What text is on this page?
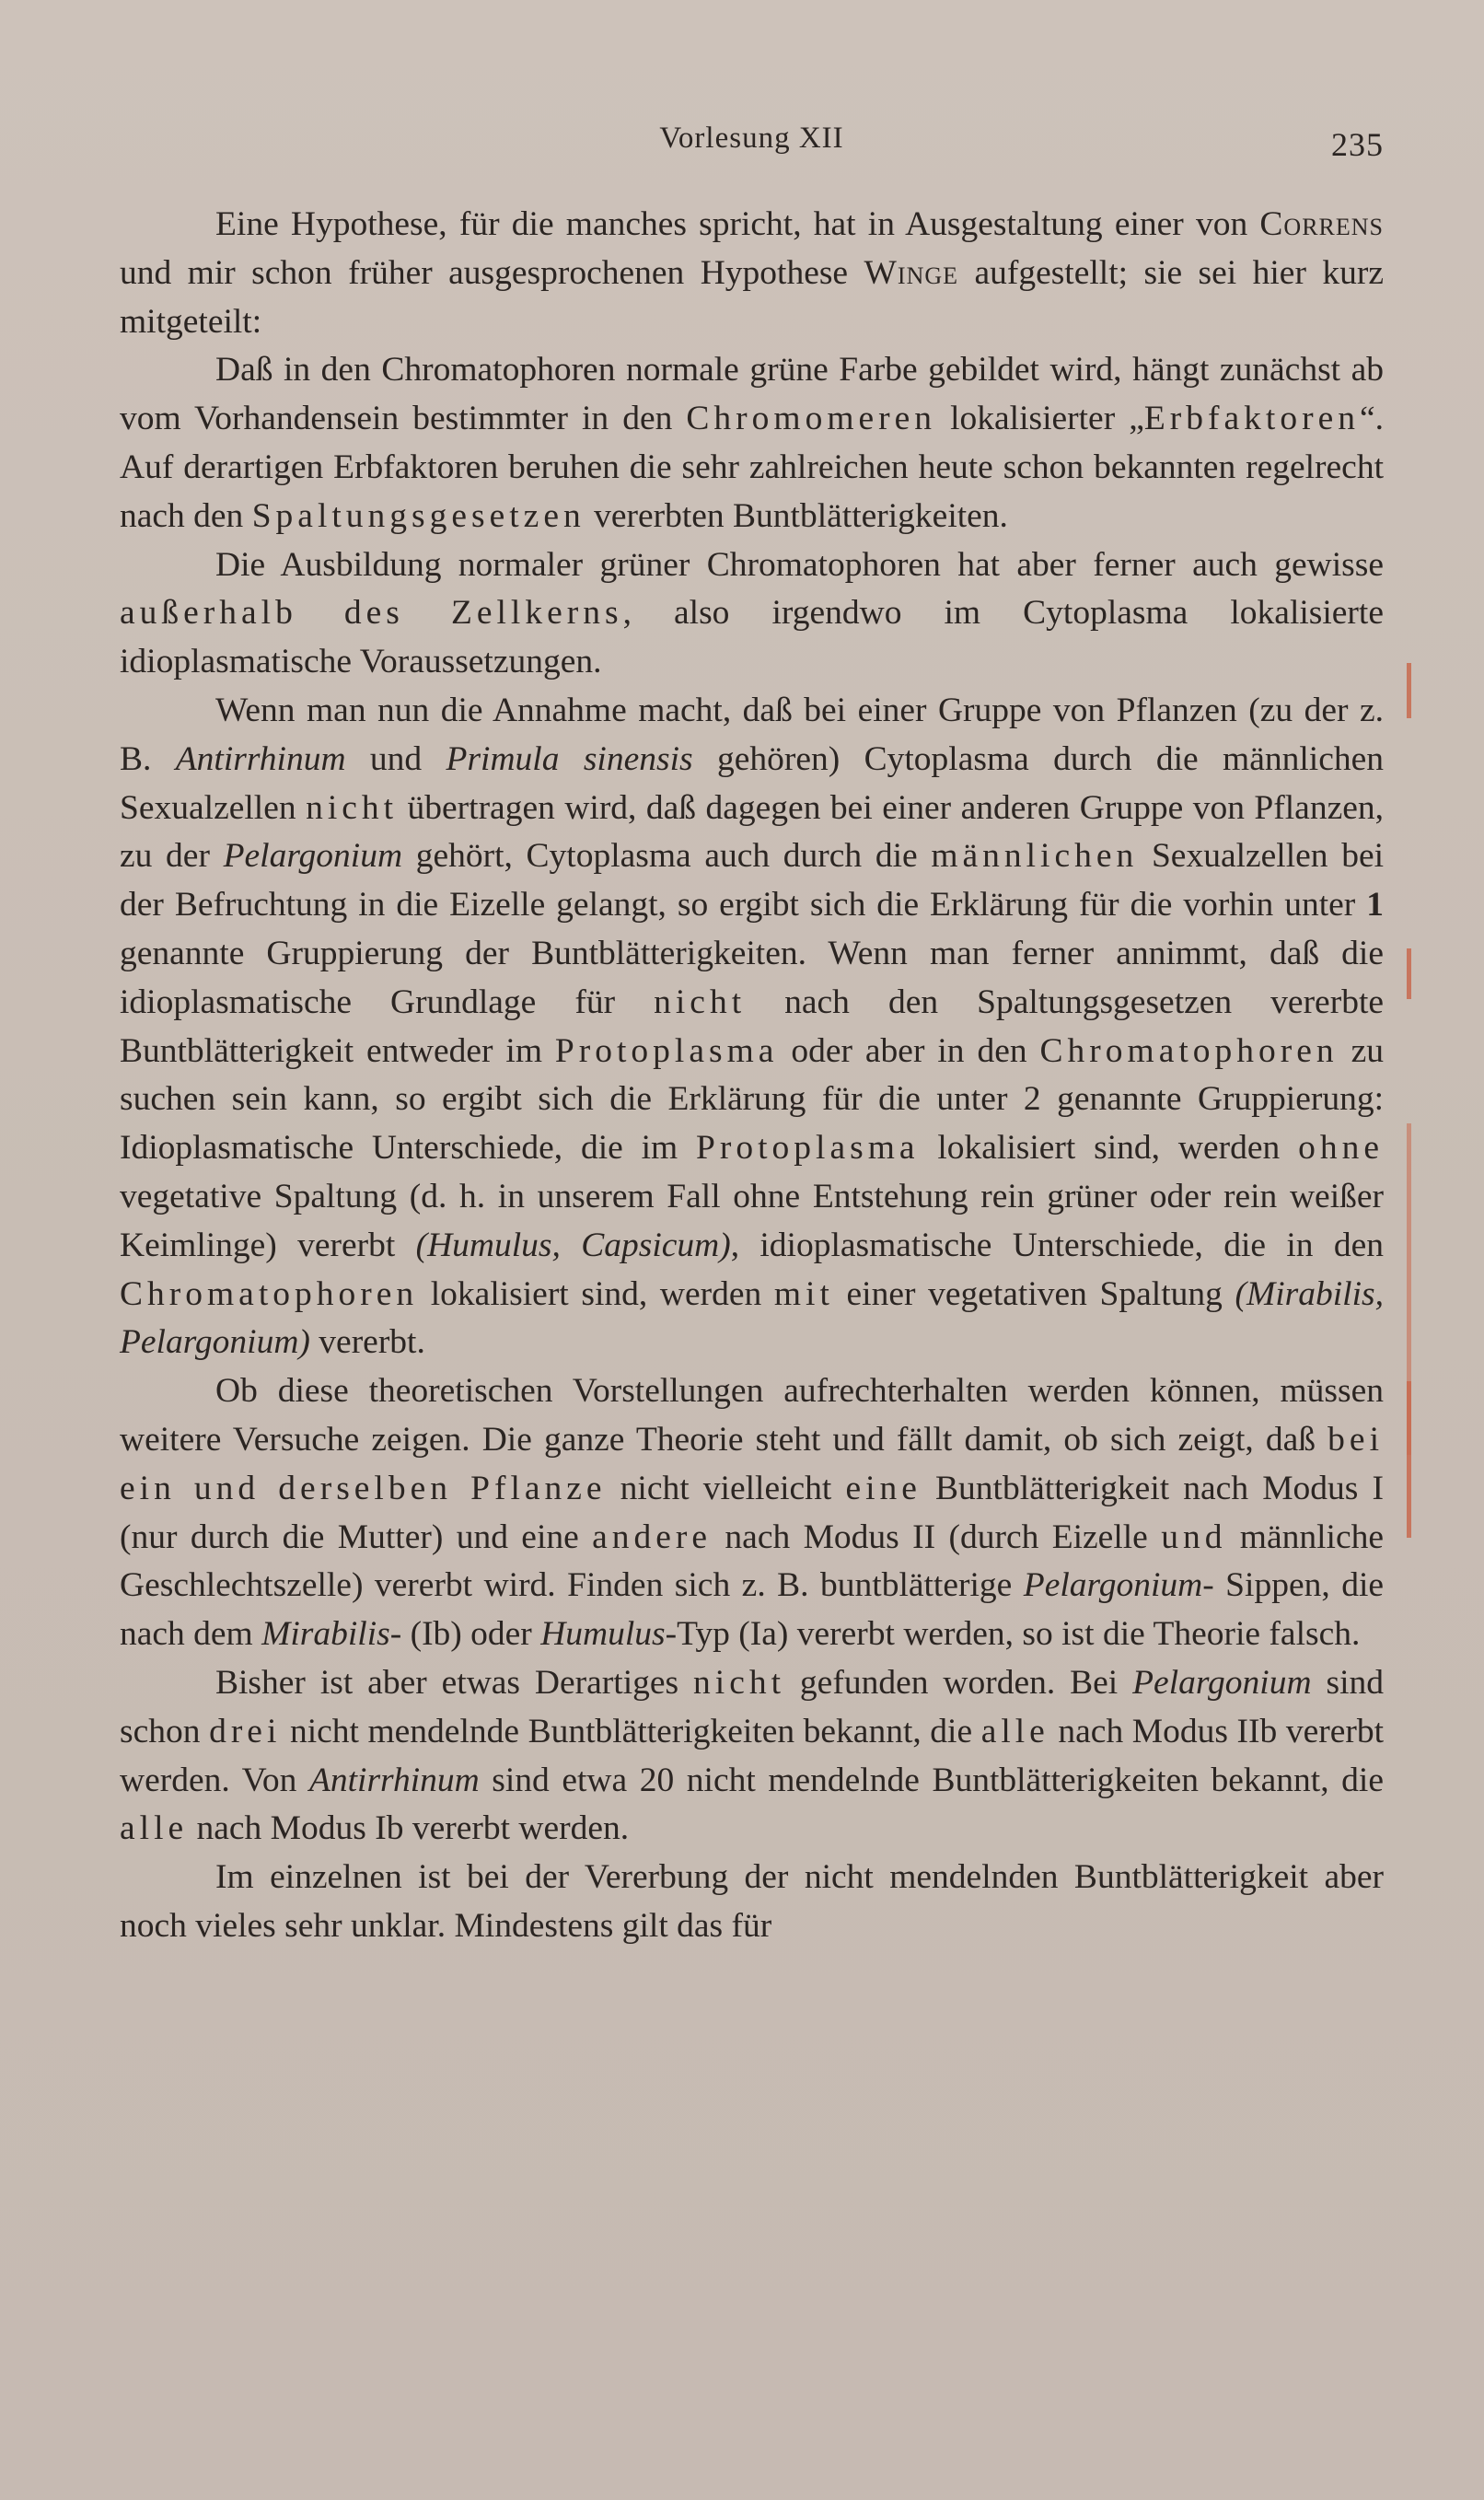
Vorlesung XII	235

Eine Hypothese, für die manches spricht, hat in Ausgestaltung einer von Correns und mir schon früher ausgesprochenen Hypothese Winge aufgestellt; sie sei hier kurz mitgeteilt:

Daß in den Chromatophoren normale grüne Farbe gebildet wird, hängt zunächst ab vom Vorhandensein bestimmter in den Chromomeren lokalisierter „Erbfaktoren“. Auf derartigen Erbfaktoren beruhen die sehr zahlreichen heute schon bekannten regelrecht nach den Spaltungsgesetzen vererbten Buntblätterigkeiten.

Die Ausbildung normaler grüner Chromatophoren hat aber ferner auch gewisse außerhalb des Zellkerns, also irgendwo im Cytoplasma lokalisierte idioplasmatische Voraussetzungen.

Wenn man nun die Annahme macht, daß bei einer Gruppe von Pflanzen (zu der z. B. Antirrhinum und Primula sinensis gehören) Cytoplasma durch die männlichen Sexualzellen nicht übertragen wird, daß dagegen bei einer anderen Gruppe von Pflanzen, zu der Pelargonium gehört, Cytoplasma auch durch die männlichen Sexualzellen bei der Befruchtung in die Eizelle gelangt, so ergibt sich die Erklärung für die vorhin unter 1 genannte Gruppierung der Buntblätterigkeiten. Wenn man ferner annimmt, daß die idioplasmatische Grundlage für nicht nach den Spaltungsgesetzen vererbte Buntblätterigkeit entweder im Protoplasma oder aber in den Chromatophoren zu suchen sein kann, so ergibt sich die Erklärung für die unter 2 genannte Gruppierung: Idioplasmatische Unterschiede, die im Protoplasma lokalisiert sind, werden ohne vegetative Spaltung (d. h. in unserem Fall ohne Entstehung rein grüner oder rein weißer Keimlinge) vererbt (Humulus, Capsicum), idioplasmatische Unterschiede, die in den Chromatophoren lokalisiert sind, werden mit einer vegetativen Spaltung (Mirabilis, Pelargonium) vererbt.

Ob diese theoretischen Vorstellungen aufrechterhalten werden können, müssen weitere Versuche zeigen. Die ganze Theorie steht und fällt damit, ob sich zeigt, daß bei ein und derselben Pflanze nicht vielleicht eine Buntblätterigkeit nach Modus I (nur durch die Mutter) und eine andere nach Modus II (durch Eizelle und männliche Geschlechtszelle) vererbt wird. Finden sich z. B. buntblätterige Pelargonium- Sippen, die nach dem Mirabilis- (Ib) oder Humulus-Typ (Ia) vererbt werden, so ist die Theorie falsch.

Bisher ist aber etwas Derartiges nicht gefunden worden. Bei Pelargonium sind schon drei nicht mendelnde Buntblätterigkeiten bekannt, die alle nach Modus IIb vererbt werden. Von Antirrhinum sind etwa 20 nicht mendelnde Buntblätterigkeiten bekannt, die alle nach Modus Ib vererbt werden.

Im einzelnen ist bei der Vererbung der nicht mendelnden Buntblätterigkeit aber noch vieles sehr unklar. Mindestens gilt das für
